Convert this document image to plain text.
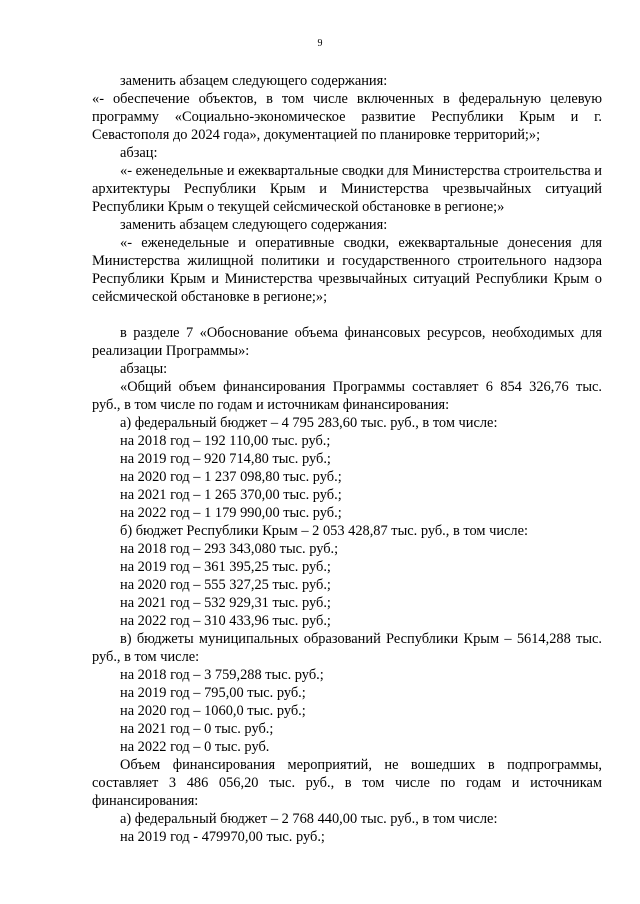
9

заменить абзацем следующего содержания:

«- обеспечение объектов, в том числе включенных в федеральную целевую программу «Социально-экономическое развитие Республики Крым и г. Севастополя до 2024 года», документацией по планировке территорий;»;

абзац:

«- еженедельные и ежеквартальные сводки для Министерства строительства и архитектуры Республики Крым и Министерства чрезвычайных ситуаций Республики Крым о текущей сейсмической обстановке в регионе;»

заменить абзацем следующего содержания:

«- еженедельные и оперативные сводки, ежеквартальные донесения для Министерства жилищной политики и государственного строительного надзора Республики Крым и Министерства чрезвычайных ситуаций Республики Крым о сейсмической обстановке в регионе;»;

в разделе 7 «Обоснование объема финансовых ресурсов, необходимых для реализации Программы»:

абзацы:

«Общий объем финансирования Программы составляет 6 854 326,76 тыс. руб., в том числе по годам и источникам финансирования:

а) федеральный бюджет – 4 795 283,60 тыс. руб., в том числе:

на 2018 год – 192 110,00 тыс. руб.;

на 2019 год – 920 714,80 тыс. руб.;

на 2020 год – 1 237 098,80 тыс. руб.;

на 2021 год – 1 265 370,00 тыс. руб.;

на 2022 год – 1 179 990,00 тыс. руб.;

б) бюджет Республики Крым – 2 053 428,87 тыс. руб., в том числе:

на 2018 год – 293 343,080 тыс. руб.;

на 2019 год – 361 395,25 тыс. руб.;

на 2020 год – 555 327,25 тыс. руб.;

на 2021 год – 532 929,31 тыс. руб.;

на 2022 год – 310 433,96 тыс. руб.;

в) бюджеты муниципальных образований Республики Крым – 5614,288 тыс. руб., в том числе:

на 2018 год – 3 759,288 тыс. руб.;

на 2019 год – 795,00 тыс. руб.;

на 2020 год – 1060,0 тыс. руб.;

на 2021 год – 0 тыс. руб.;

на 2022 год – 0 тыс. руб.

Объем финансирования мероприятий, не вошедших в подпрограммы, составляет 3 486 056,20 тыс. руб., в том числе по годам и источникам финансирования:

а) федеральный бюджет – 2 768 440,00 тыс. руб., в том числе:

на 2019 год - 479970,00 тыс. руб.;
